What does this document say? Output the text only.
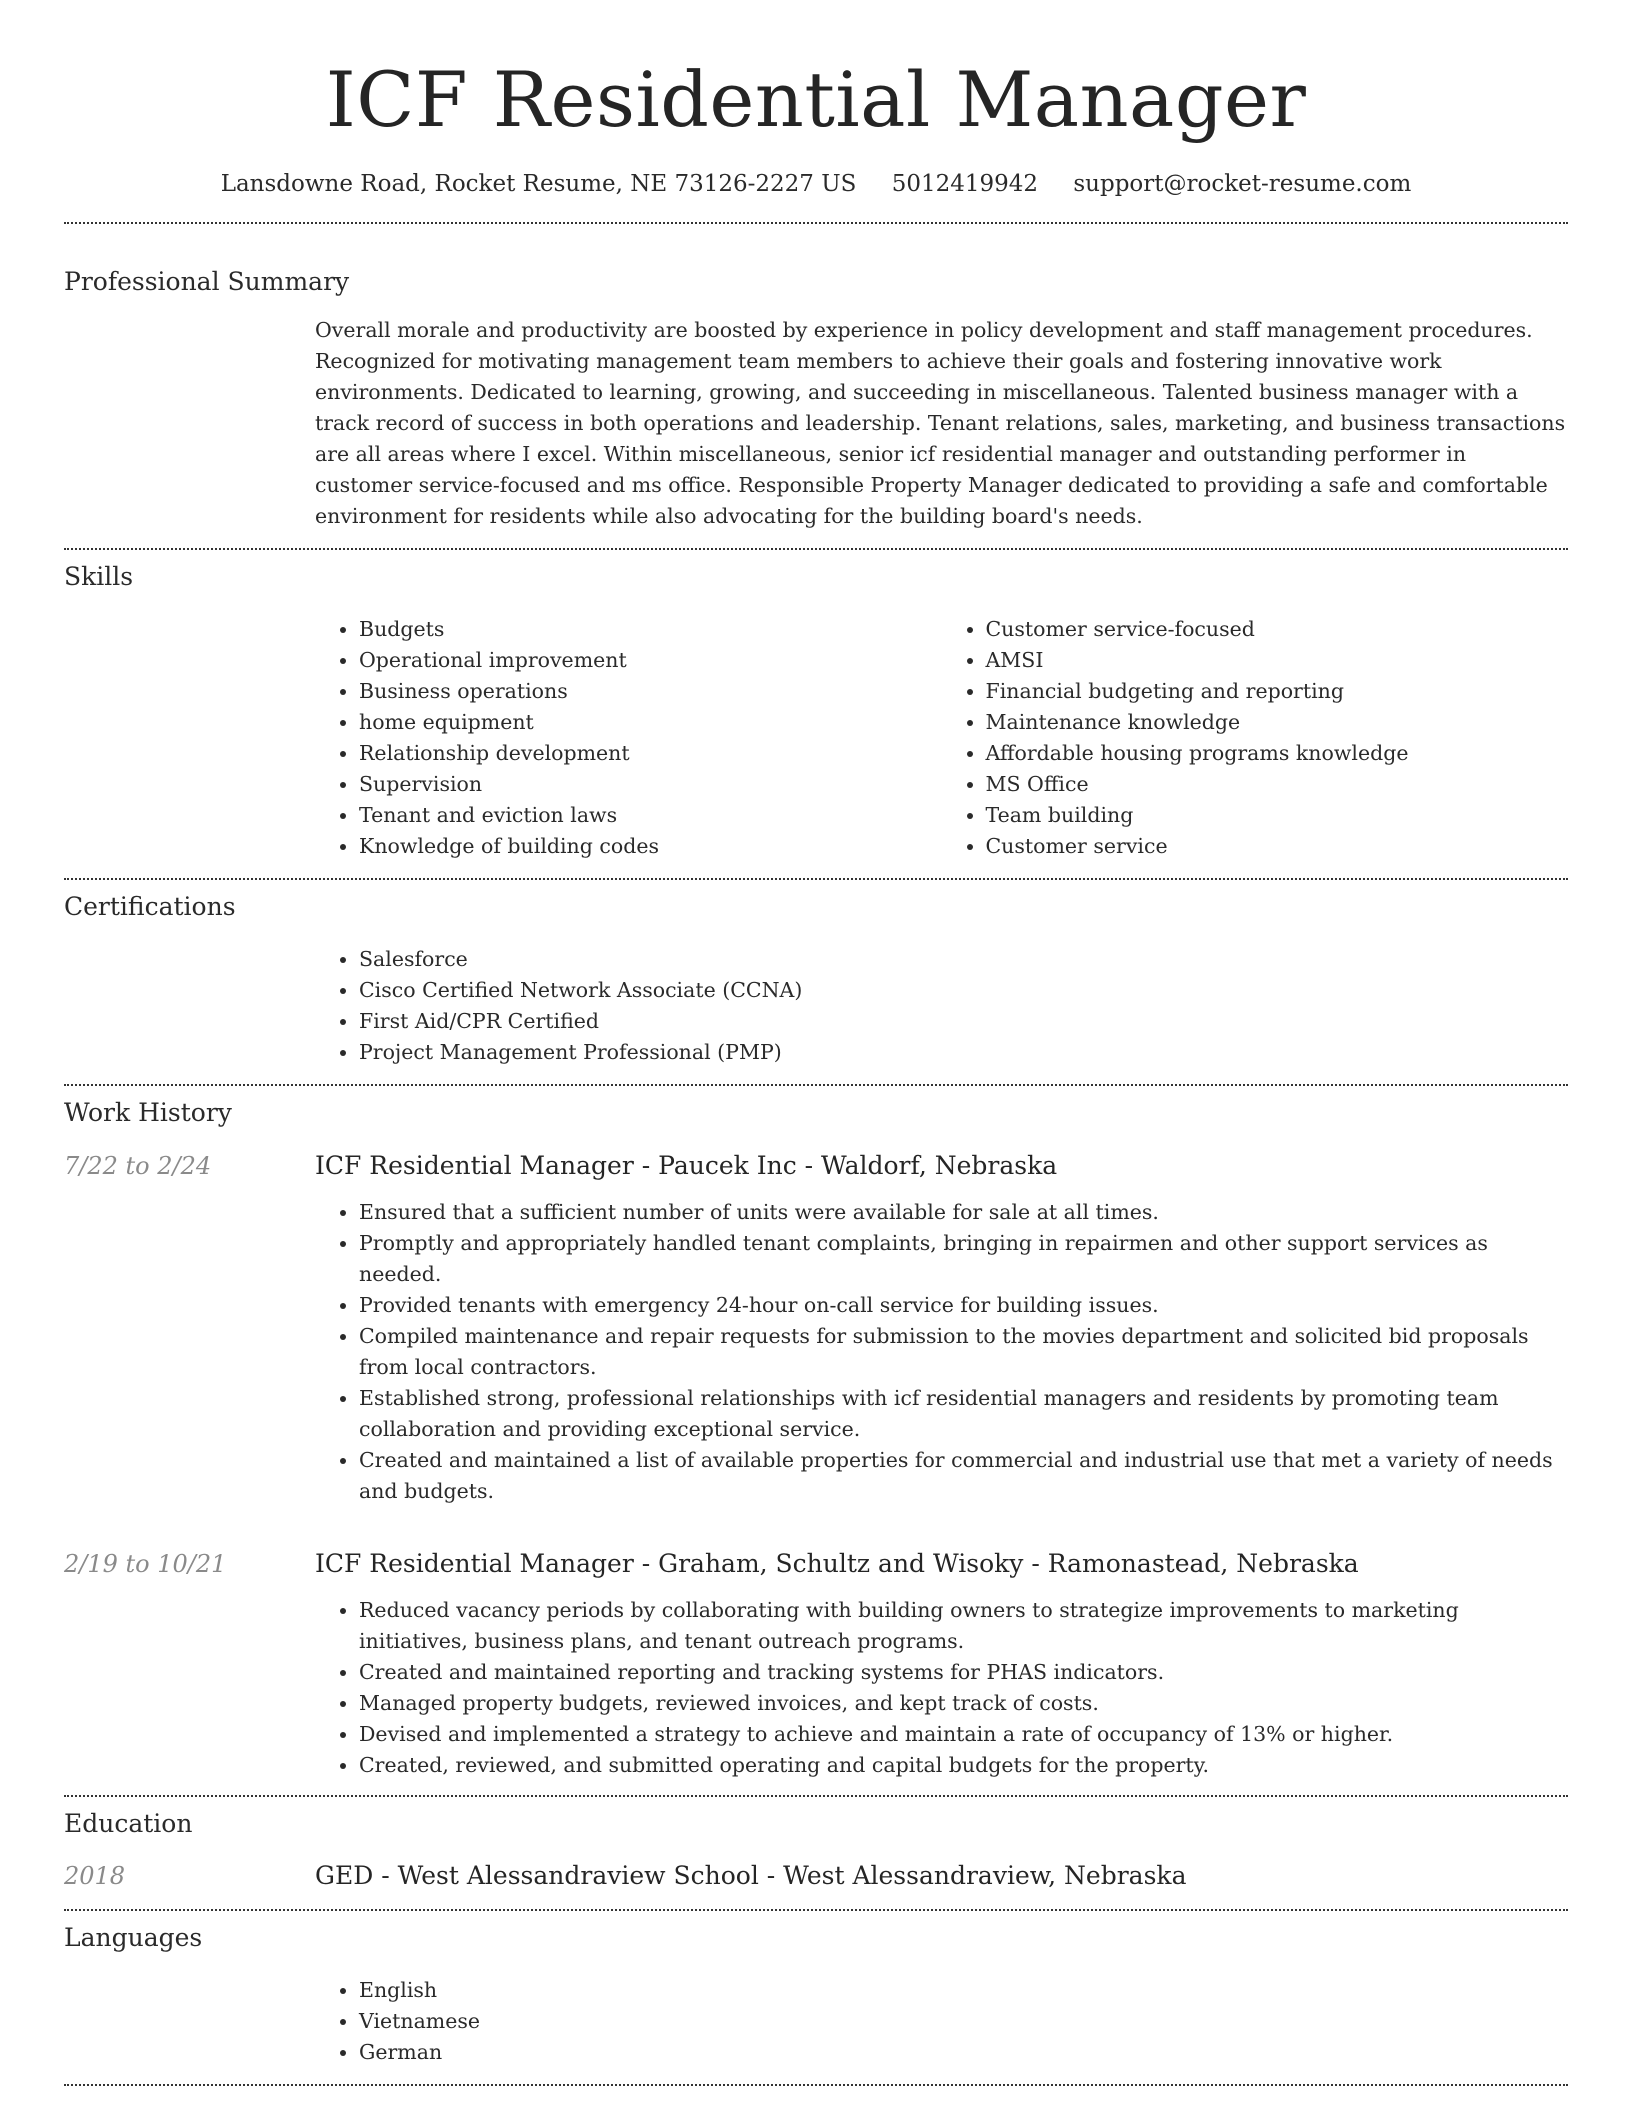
ICF Residential Manager
Lansdowne Road, Rocket Resume, NE 73126-2227 US 5012419942 support@rocket-resume.com
Professional Summary

Overall morale and productivity are boosted by experience in policy development and staff management procedures. Recognized for motivating management team members to achieve their goals and fostering innovative work environments. Dedicated to learning, growing, and succeeding in miscellaneous. Talented business manager with a track record of success in both operations and leadership. Tenant relations, sales, marketing, and business transactions are all areas where I excel. Within miscellaneous, senior icf residential manager and outstanding performer in customer service-focused and ms office. Responsible Property Manager dedicated to providing a safe and comfortable environment for residents while also advocating for the building board's needs.

Skills
• Budgets
• Operational improvement
• Business operations
• home equipment
• Relationship development
• Supervision
• Tenant and eviction laws
• Knowledge of building codes
• Customer service-focused
• AMSI
• Financial budgeting and reporting
• Maintenance knowledge
• Affordable housing programs knowledge
• MS Office
• Team building
• Customer service
Certifications
• Salesforce
• Cisco Certified Network Associate (CCNA)
• First Aid/CPR Certified
• Project Management Professional (PMP)
Work History
7/22 to 2/24	ICF Residential Manager - Paucek Inc - Waldorf, Nebraska
• Ensured that a sufficient number of units were available for sale at all times.
• Promptly and appropriately handled tenant complaints, bringing in repairmen and other support services as needed.
• Provided tenants with emergency 24-hour on-call service for building issues.
• Compiled maintenance and repair requests for submission to the movies department and solicited bid proposals from local contractors.
• Established strong, professional relationships with icf residential managers and residents by promoting team collaboration and providing exceptional service.
• Created and maintained a list of available properties for commercial and industrial use that met a variety of needs and budgets.
2/19 to 10/21	ICF Residential Manager - Graham, Schultz and Wisoky - Ramonastead, Nebraska
• Reduced vacancy periods by collaborating with building owners to strategize improvements to marketing initiatives, business plans, and tenant outreach programs.
• Created and maintained reporting and tracking systems for PHAS indicators.
• Managed property budgets, reviewed invoices, and kept track of costs.
• Devised and implemented a strategy to achieve and maintain a rate of occupancy of 13% or higher.
• Created, reviewed, and submitted operating and capital budgets for the property.
Education
2018	GED - West Alessandraview School - West Alessandraview, Nebraska
Languages
• English
• Vietnamese
• German
